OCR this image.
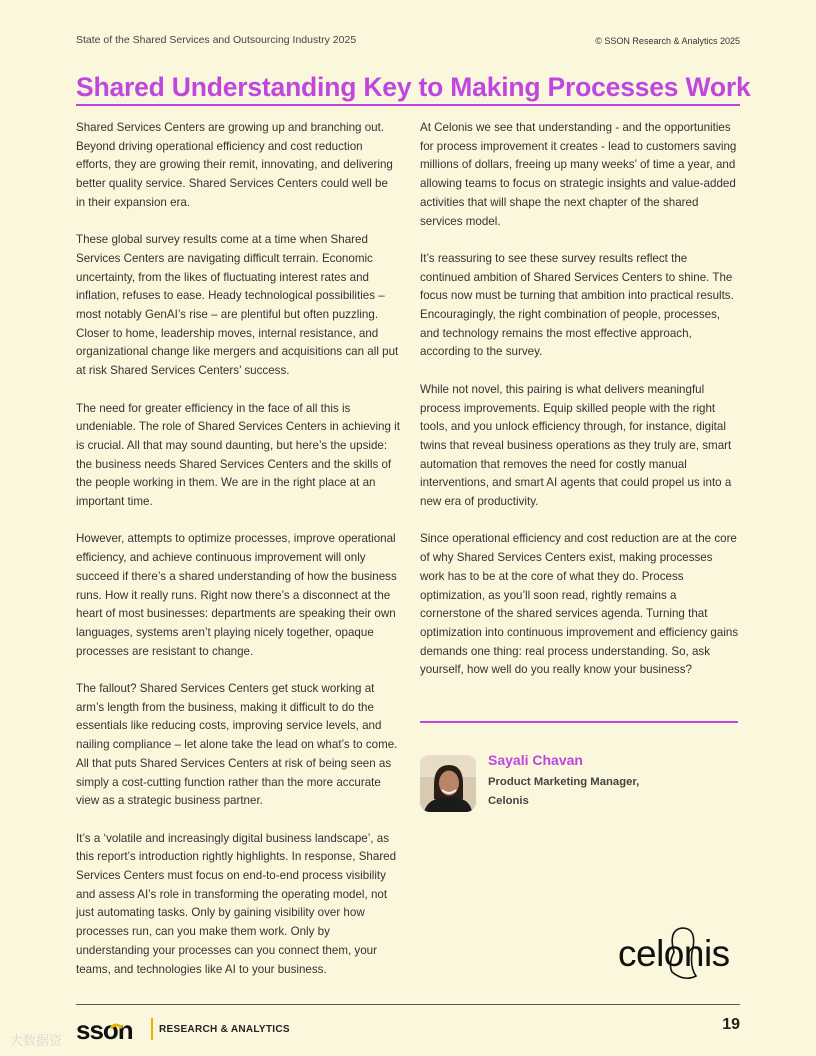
State of the Shared Services and Outsourcing Industry 2025	© SSON Research & Analytics 2025
Shared Understanding Key to Making Processes Work

Shared Services Centers are growing up and branching out. Beyond driving operational efficiency and cost reduction efforts, they are growing their remit, innovating, and delivering better quality service. Shared Services Centers could well be in their expansion era.

These global survey results come at a time when Shared Services Centers are navigating difficult terrain. Economic uncertainty, from the likes of fluctuating interest rates and inflation, refuses to ease. Heady technological possibilities – most notably GenAI’s rise – are plentiful but often puzzling. Closer to home, leadership moves, internal resistance, and organizational change like mergers and acquisitions can all put at risk Shared Services Centers’ success.

The need for greater efficiency in the face of all this is undeniable. The role of Shared Services Centers in achieving it is crucial. All that may sound daunting, but here’s the upside: the business needs Shared Services Centers and the skills of the people working in them. We are in the right place at an important time.

However, attempts to optimize processes, improve operational efficiency, and achieve continuous improvement will only succeed if there’s a shared understanding of how the business runs. How it really runs. Right now there’s a disconnect at the heart of most businesses: departments are speaking their own languages, systems aren’t playing nicely together, opaque processes are resistant to change.

The fallout? Shared Services Centers get stuck working at arm’s length from the business, making it difficult to do the essentials like reducing costs, improving service levels, and nailing compliance – let alone take the lead on what’s to come. All that puts Shared Services Centers at risk of being seen as simply a cost-cutting function rather than the more accurate view as a strategic business partner.

It’s a ‘volatile and increasingly digital business landscape’, as this report’s introduction rightly highlights. In response, Shared Services Centers must focus on end-to-end process visibility and assess AI’s role in transforming the operating model, not just automating tasks. Only by gaining visibility over how processes run, can you make them work. Only by understanding your processes can you connect them, your teams, and technologies like AI to your business.

At Celonis we see that understanding - and the opportunities for process improvement it creates - lead to customers saving millions of dollars, freeing up many weeks’ of time a year, and allowing teams to focus on strategic insights and value-added activities that will shape the next chapter of the shared services model.

It’s reassuring to see these survey results reflect the continued ambition of Shared Services Centers to shine. The focus now must be turning that ambition into practical results. Encouragingly, the right combination of people, processes, and technology remains the most effective approach, according to the survey.

While not novel, this pairing is what delivers meaningful process improvements. Equip skilled people with the right tools, and you unlock efficiency through, for instance, digital twins that reveal business operations as they truly are, smart automation that removes the need for costly manual interventions, and smart AI agents that could propel us into a new era of productivity.

Since operational efficiency and cost reduction are at the core of why Shared Services Centers exist, making processes work has to be at the core of what they do. Process optimization, as you’ll soon read, rightly remains a cornerstone of the shared services agenda. Turning that optimization into continuous improvement and efficiency gains demands one thing: real process understanding. So, ask yourself, how well do you really know your business?

Sayali Chavan
Product Marketing Manager,
Celonis
celonis
sson	RESEARCH & ANALYTICS	19
大数据资
